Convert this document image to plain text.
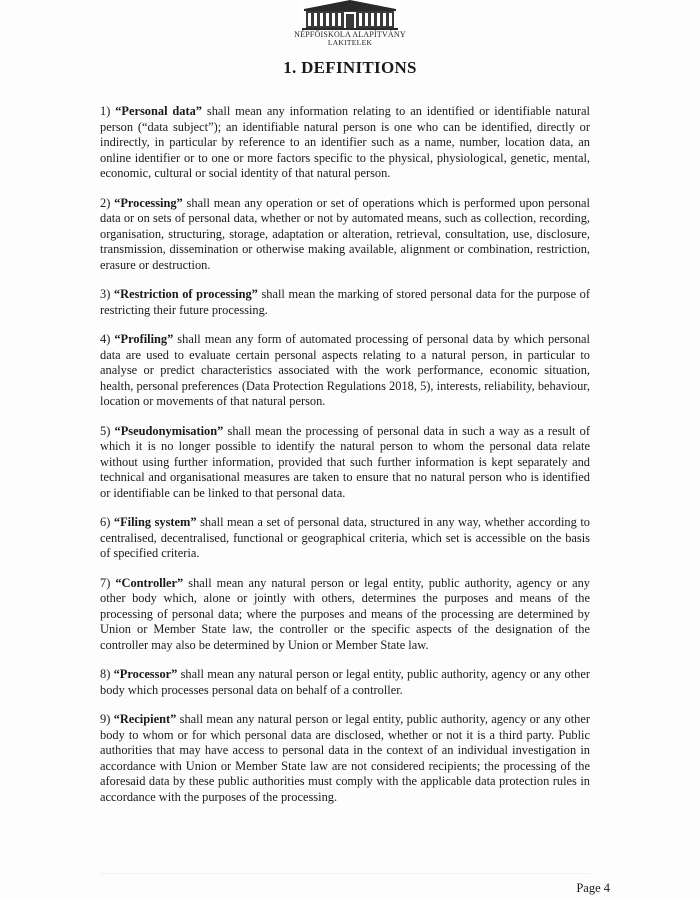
NÉPFŐISKOLA ALAPÍTVÁNY
LAKITELEK
1. DEFINITIONS

1) “Personal data” shall mean any information relating to an identified or identifiable natural person (“data subject”); an identifiable natural person is one who can be identified, directly or indirectly, in particular by reference to an identifier such as a name, number, location data, an online identifier or to one or more factors specific to the physical, physiological, genetic, mental, economic, cultural or social identity of that natural person.

2) “Processing” shall mean any operation or set of operations which is performed upon personal data or on sets of personal data, whether or not by automated means, such as collection, recording, organisation, structuring, storage, adaptation or alteration, retrieval, consultation, use, disclosure, transmission, dissemination or otherwise making available, alignment or combination, restriction, erasure or destruction.

3) “Restriction of processing” shall mean the marking of stored personal data for the purpose of restricting their future processing.

4) “Profiling” shall mean any form of automated processing of personal data by which personal data are used to evaluate certain personal aspects relating to a natural person, in particular to analyse or predict characteristics associated with the work performance, economic situation, health, personal preferences (Data Protection Regulations 2018, 5), interests, reliability, behaviour, location or movements of that natural person.

5) “Pseudonymisation” shall mean the processing of personal data in such a way as a result of which it is no longer possible to identify the natural person to whom the personal data relate without using further information, provided that such further information is kept separately and technical and organisational measures are taken to ensure that no natural person who is identified or identifiable can be linked to that personal data.

6) “Filing system” shall mean a set of personal data, structured in any way, whether according to centralised, decentralised, functional or geographical criteria, which set is accessible on the basis of specified criteria.

7) “Controller” shall mean any natural person or legal entity, public authority, agency or any other body which, alone or jointly with others, determines the purposes and means of the processing of personal data; where the purposes and means of the processing are determined by Union or Member State law, the controller or the specific aspects of the designation of the controller may also be determined by Union or Member State law.

8) “Processor” shall mean any natural person or legal entity, public authority, agency or any other body which processes personal data on behalf of a controller.

9) “Recipient” shall mean any natural person or legal entity, public authority, agency or any other body to whom or for which personal data are disclosed, whether or not it is a third party. Public authorities that may have access to personal data in the context of an individual investigation in accordance with Union or Member State law are not considered recipients; the processing of the aforesaid data by these public authorities must comply with the applicable data protection rules in accordance with the purposes of the processing.

Page 4
